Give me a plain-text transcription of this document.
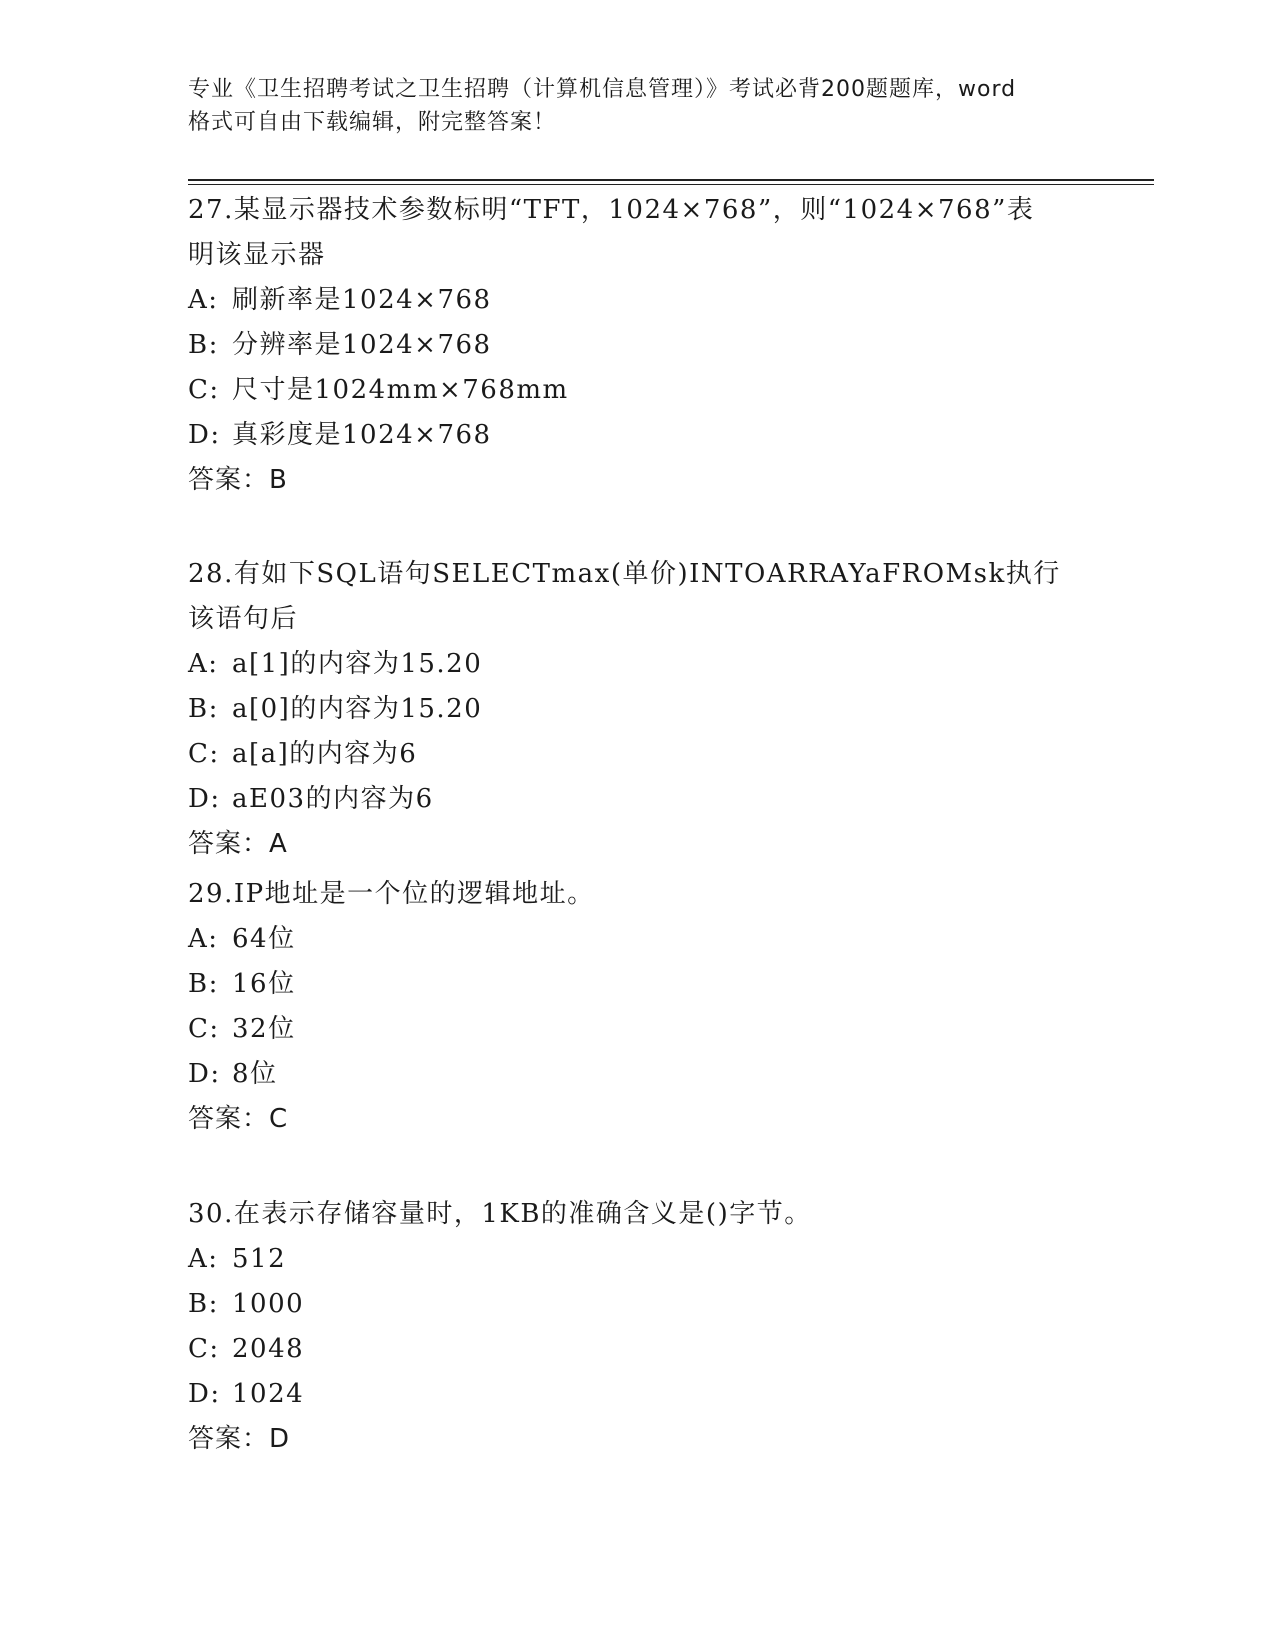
专业《卫生招聘考试之卫生招聘（计算机信息管理）》考试必背200题题库，word
格式可自由下载编辑，附完整答案！
27.某显示器技术参数标明“TFT，1024×768”，则“1024×768”表
明该显示器
A: 刷新率是1024×768
B: 分辨率是1024×768
C: 尺寸是1024mm×768mm
D: 真彩度是1024×768
答案：B
28.有如下SQL语句SELECTmax(单价)INTOARRAYaFROMsk执行该语句后
A: a[1]的内容为15.20
B: a[0]的内容为15.20
C: a[a]的内容为6
D: aE03的内容为6
答案：A
29.IP地址是一个位的逻辑地址。
A: 64位
B: 16位
C: 32位
D: 8位
答案：C
30.在表示存储容量时，1KB的准确含义是()字节。
A: 512
B: 1000
C: 2048
D: 1024
答案：D
